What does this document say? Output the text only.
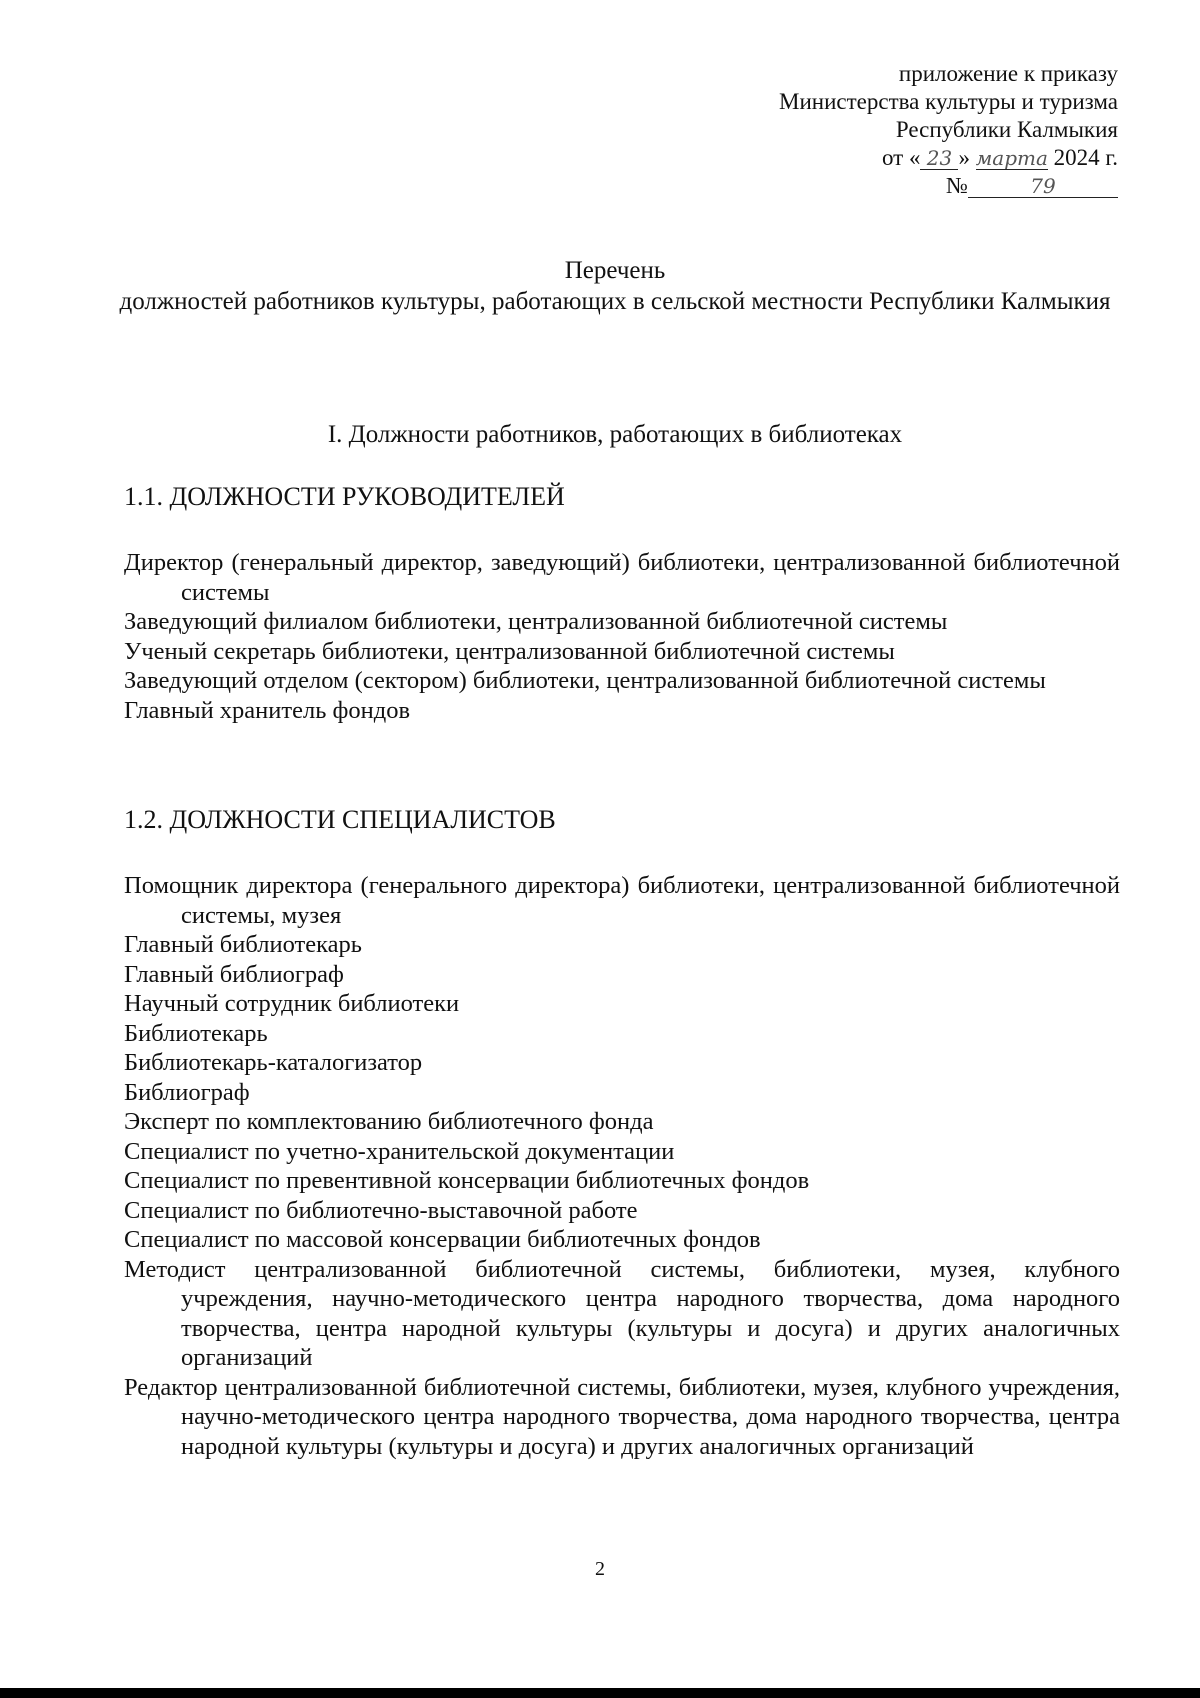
приложение к приказу
Министерства культуры и туризма
Республики Калмыкия
от « 23 » марта 2024 г.
№	79
Перечень
должностей работников культуры, работающих в сельской местности Республики Калмыкия
I. Должности работников, работающих в библиотеках
1.1. ДОЛЖНОСТИ РУКОВОДИТЕЛЕЙ
Директор (генеральный директор, заведующий) библиотеки, централизованной библиотечной системы
Заведующий филиалом библиотеки, централизованной библиотечной системы
Ученый секретарь библиотеки, централизованной библиотечной системы
Заведующий отделом (сектором) библиотеки, централизованной библиотечной системы
Главный хранитель фондов
1.2. ДОЛЖНОСТИ СПЕЦИАЛИСТОВ
Помощник директора (генерального директора) библиотеки, централизованной библиотечной системы, музея
Главный библиотекарь
Главный библиограф
Научный сотрудник библиотеки
Библиотекарь
Библиотекарь-каталогизатор
Библиограф
Эксперт по комплектованию библиотечного фонда
Специалист по учетно-хранительской документации
Специалист по превентивной консервации библиотечных фондов
Специалист по библиотечно-выставочной работе
Специалист по массовой консервации библиотечных фондов
Методист централизованной библиотечной системы, библиотеки, музея, клубного учреждения, научно-методического центра народного творчества, дома народного творчества, центра народной культуры (культуры и досуга) и других аналогичных организаций
Редактор централизованной библиотечной системы, библиотеки, музея, клубного учреждения, научно-методического центра народного творчества, дома народного творчества, центра народной культуры (культуры и досуга) и других аналогичных организаций
2
